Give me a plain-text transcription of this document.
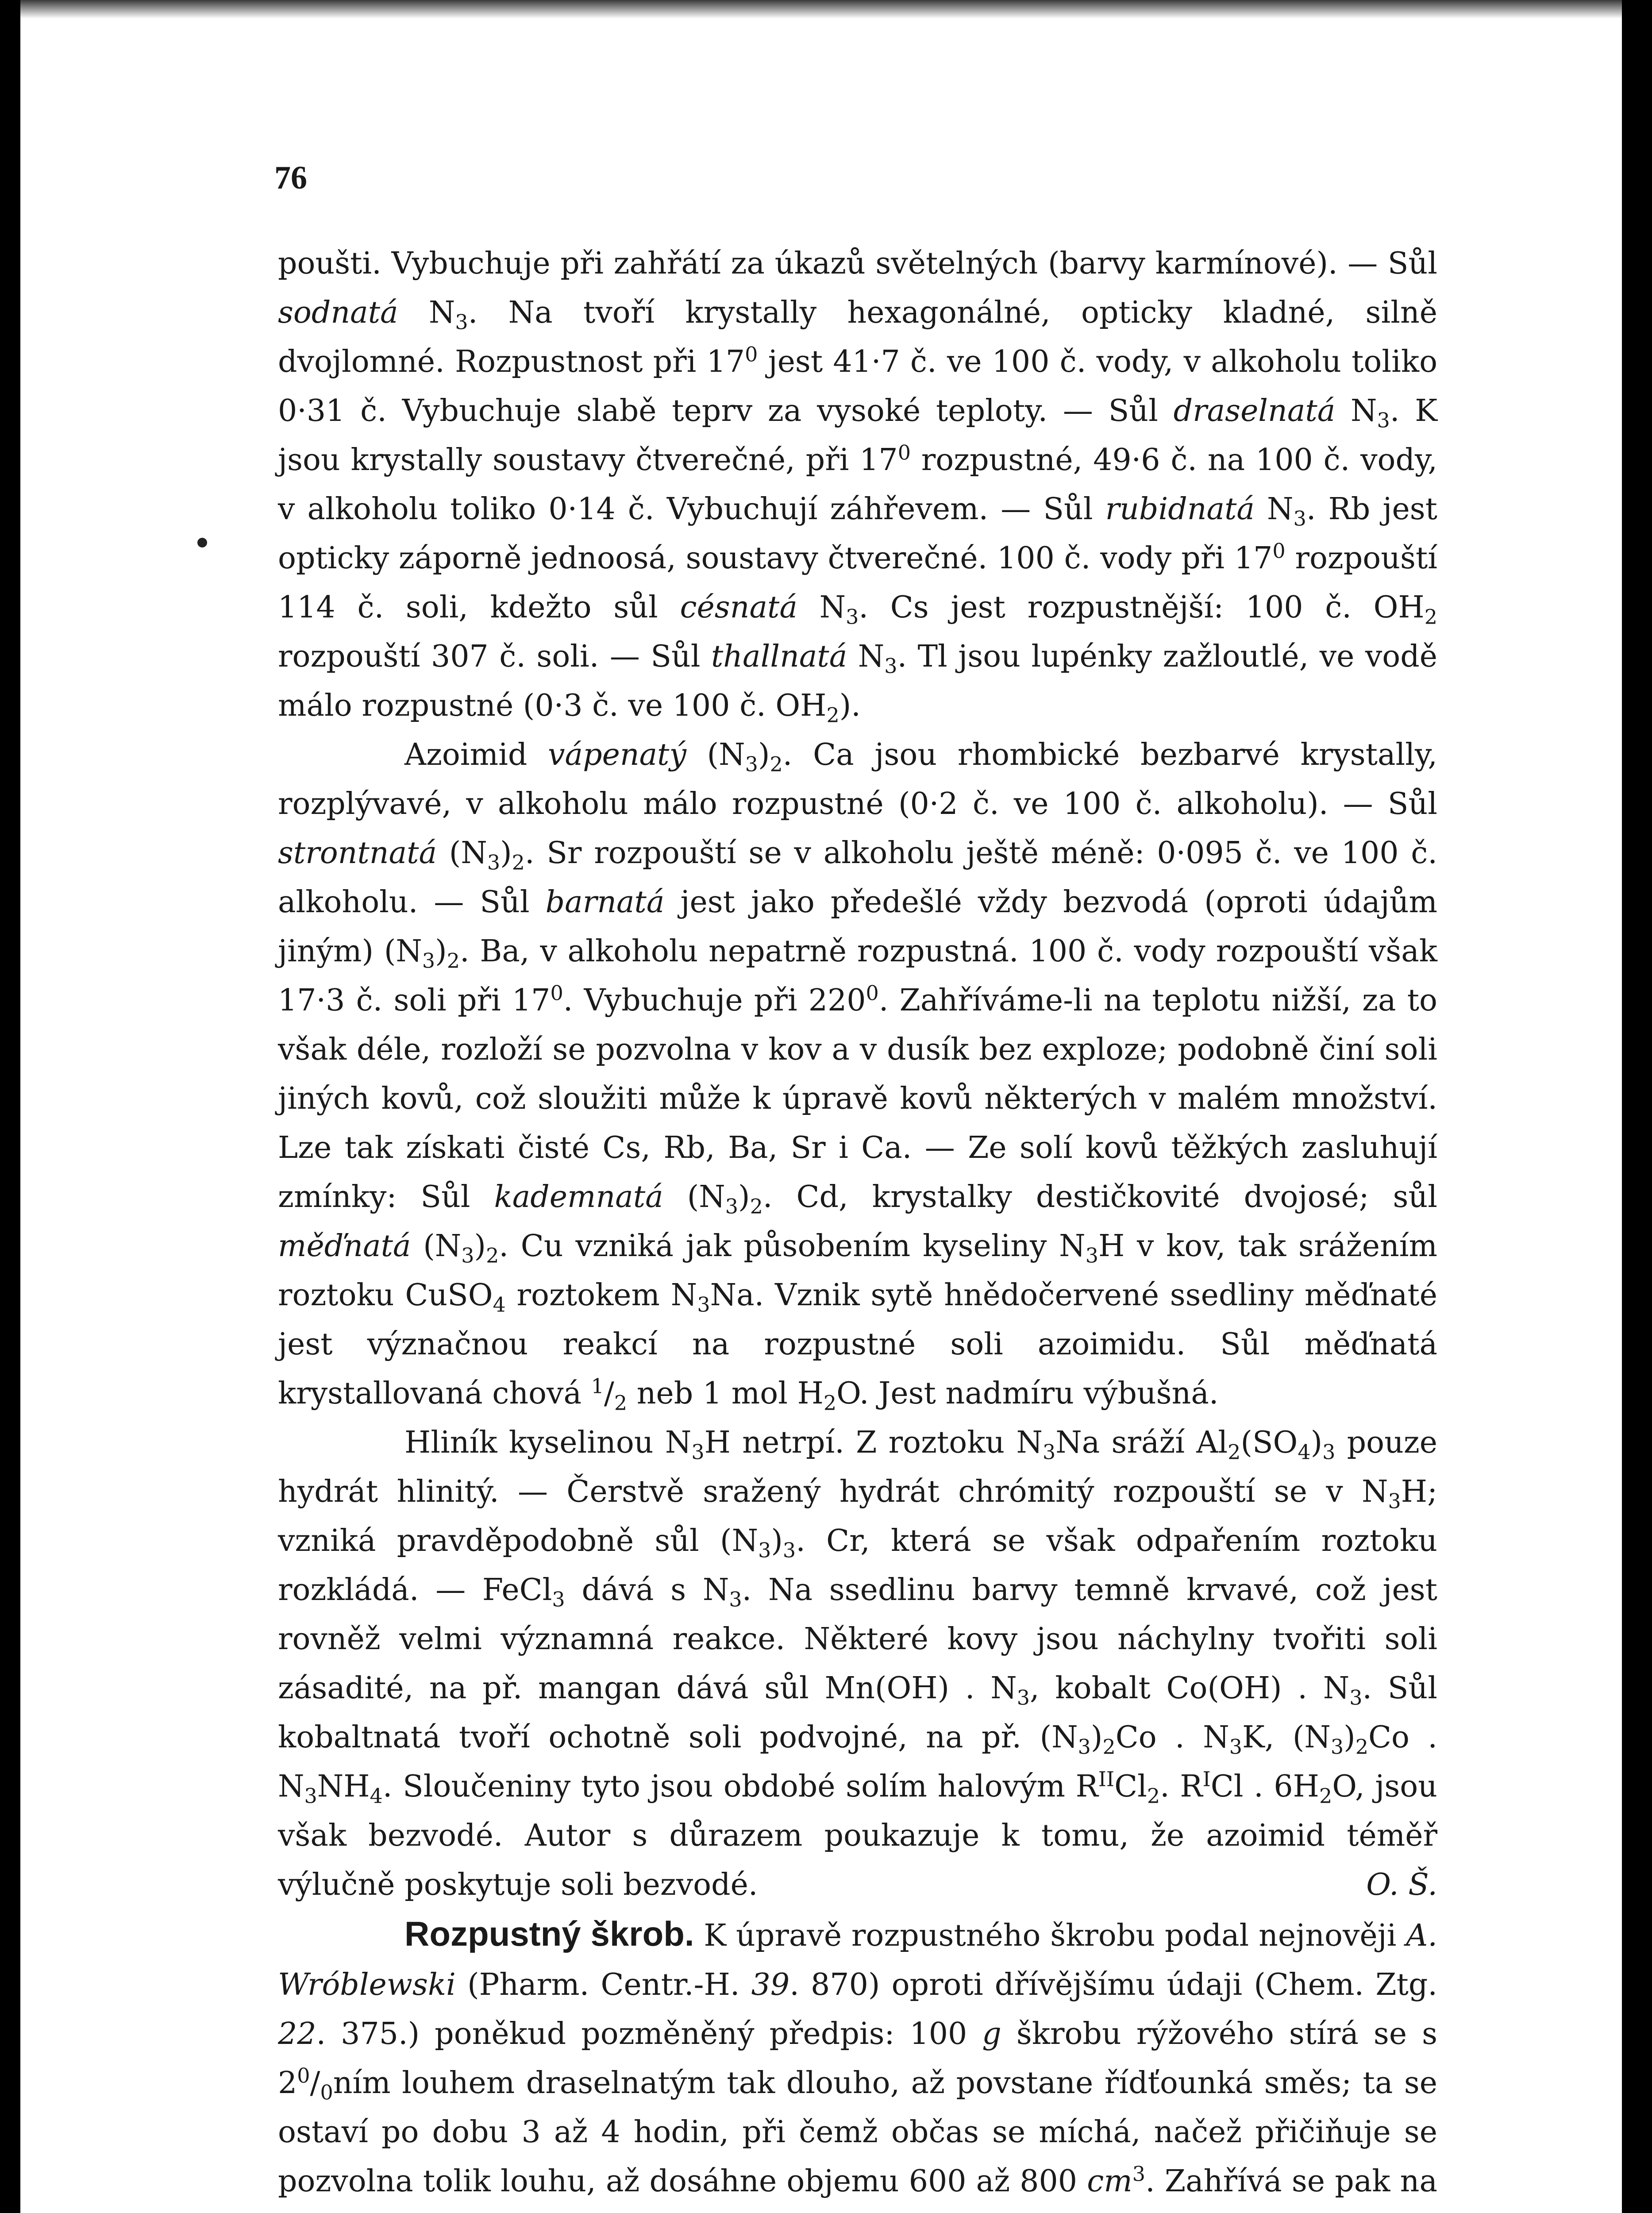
76

poušti. Vybuchuje při zahřátí za úkazů světelných (barvy karmínové). — Sůl sodnatá $N_3$. Na tvoří krystally hexagonálné, opticky kladné, silně dvojlomné. Rozpustnost při $17^0$ jest 41·7 č. ve 100 č. vody, v alkoholu toliko 0·31 č. Vybuchuje slabě teprv za vysoké teploty. — Sůl draselnatá $N_3$. K jsou krystally soustavy čtverečné, při $17^0$ rozpustné, 49·6 č. na 100 č. vody, v alkoholu toliko 0·14 č. Vybuchují záhřevem. — Sůl rubidnatá $N_3$. Rb jest opticky záporně jednoosá, soustavy čtverečné. 100 č. vody při $17^0$ rozpouští 114 č. soli, kdežto sůl césnatá $N_3$. Cs jest rozpustnější: 100 č. $OH_2$ rozpouští 307 č. soli. — Sůl thallnatá $N_3$. Tl jsou lupénky zažloutlé, ve vodě málo rozpustné (0·3 č. ve 100 č. $OH_2$).

Azoimid vápenatý $(N_3)_2$. Ca jsou rhombické bezbarvé krystally, rozplývavé, v alkoholu málo rozpustné (0·2 č. ve 100 č. alkoholu). — Sůl strontnatá $(N_3)_2$. Sr rozpouští se v alkoholu ještě méně: 0·095 č. ve 100 č. alkoholu. — Sůl barnatá jest jako předešlé vždy bezvodá (oproti údajům jiným) $(N_3)_2$. Ba, v alkoholu nepatrně rozpustná. 100 č. vody rozpouští však 17·3 č. soli při $17^0$. Vybuchuje při $220^0$. Zahříváme-li na teplotu nižší, za to však déle, rozloží se pozvolna v kov a v dusík bez exploze; podobně činí soli jiných kovů, což sloužiti může k úpravě kovů některých v malém množství. Lze tak získati čisté Cs, Rb, Ba, Sr i Ca. — Ze solí kovů těžkých zasluhují zmínky: Sůl kademnatá $(N_3)_2$. Cd, krystalky destičkovité dvojosé; sůl měďnatá $(N_3)_2$. Cu vzniká jak působením kyseliny $N_3H$ v kov, tak srážením roztoku CuSO$_4$ roztokem $N_3Na$. Vznik sytě hnědočervené ssedliny měďnaté jest význačnou reakcí na rozpustné soli azoimidu. Sůl měďnatá krystallovaná chová $^1/_2$ neb 1 mol $H_2O$. Jest nadmíru výbušná.

Hliník kyselinou $N_3H$ netrpí. Z roztoku $N_3Na$ sráží $Al_2(SO_4)_3$ pouze hydrát hlinitý. — Čerstvě sražený hydrát chrómitý rozpouští se v $N_3H$; vzniká pravděpodobně sůl $(N_3)_3$. Cr, která se však odpařením roztoku rozkládá. — FeCl$_3$ dává s $N_3$. Na ssedlinu barvy temně krvavé, což jest rovněž velmi významná reakce. Některé kovy jsou náchylny tvořiti soli zásadité, na př. mangan dává sůl Mn(OH) . $N_3$, kobalt Co(OH) . $N_3$. Sůl kobaltnatá tvoří ochotně soli podvojné, na př. $(N_3)_2Co$ . $N_3K$, $(N_3)_2Co$ . $N_3NH_4$. Sloučeniny tyto jsou obdobé solím halovým $R^{II}Cl_2$. $R^ICl$ . $6H_2O$, jsou však bezvodé. Autor s důrazem poukazuje k tomu, že azoimid téměř výlučně poskytuje soli bezvodé.	O. Š.

Rozpustný škrob. K úpravě rozpustného škrobu podal nejnověji A. Wróblewski (Pharm. Centr.-H. 39. 870) oproti dřívějšímu údaji (Chem. Ztg. 22. 375.) poněkud pozměněný předpis: 100 g škrobu rýžového stírá se s $2^0/_0ním$ louhem draselnatým tak dlouho, až povstane řídťounká směs; ta se ostaví po dobu 3 až 4 hodin, při čemž občas se míchá, načež přičiňuje se pozvolna tolik louhu, až dosáhne objemu 600 až 800 $cm^3$. Zahřívá se pak na
